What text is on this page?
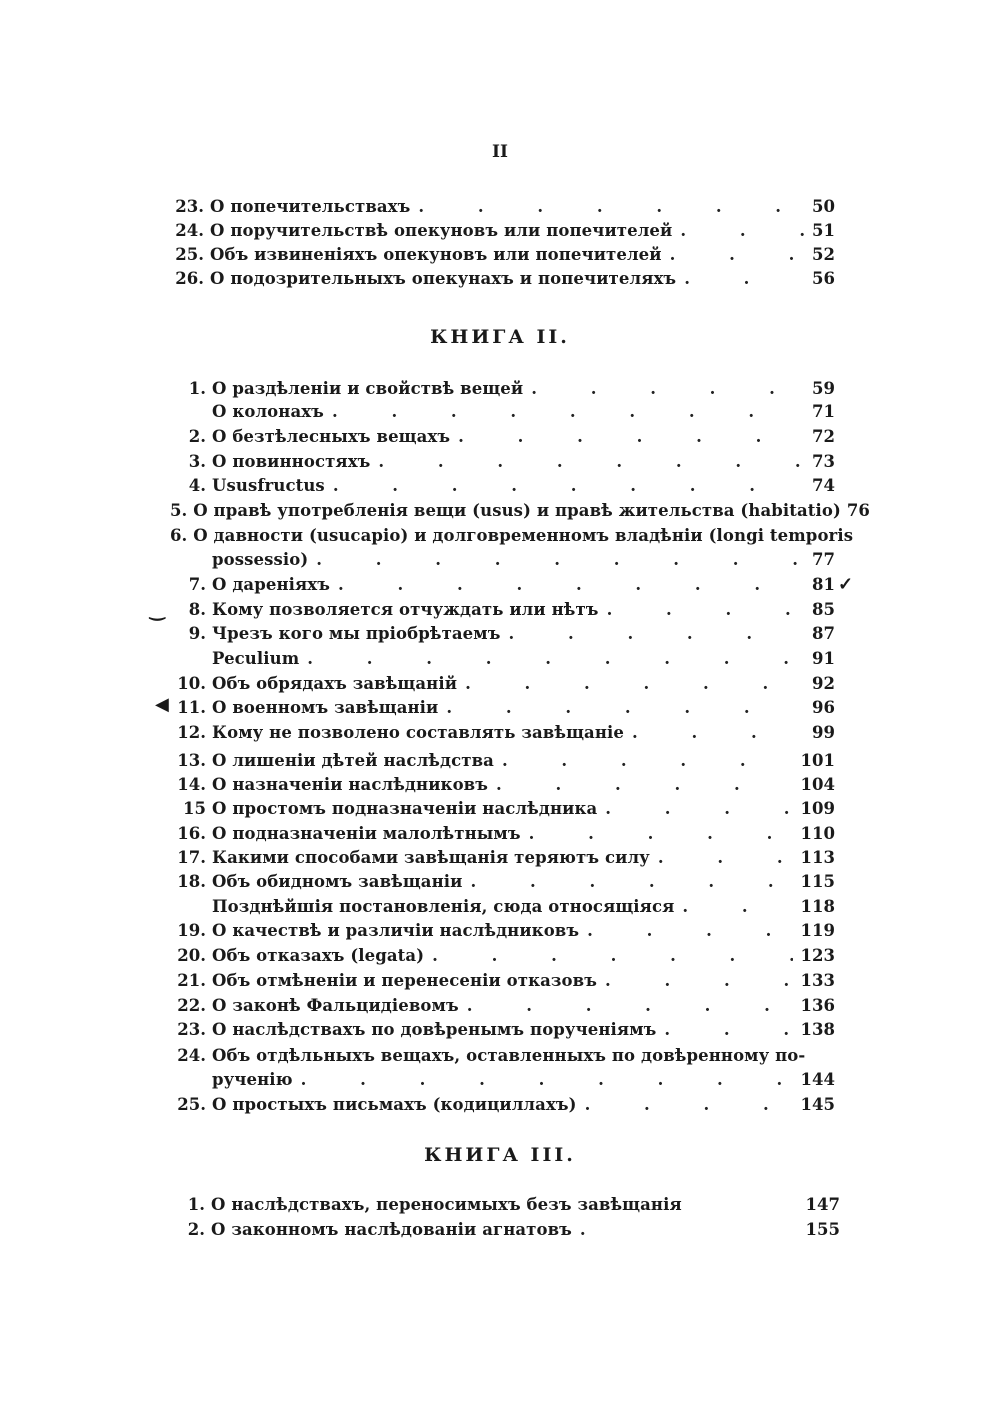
II
23. О попечительствахъ . . .	50
24. О поручительствѣ опекуновъ или попечителей . . .	51
25. Объ извиненіяхъ опекуновъ или попечителей . . .	52
26. О подозрительныхъ опекунахъ и попечителяхъ . . .	56
КНИГА II.
1. О раздѣленіи и свойствѣ вещей . . .	59
О колонахъ . . .	71
2. О безтѣлесныхъ вещахъ . . .	72
3. О повинностяхъ . . .	73
4. Ususfructus . . .	74
5. О правѣ употребленія вещи (usus) и правѣ жительства (habitatio) 76
6. О давности (usucapio) и долговременномъ владѣніи (longi temporis
possessio) . . .	77
7. О дареніяхъ . . .	81
8. Кому позволяется отчуждать или нѣтъ . . .	85
9. Чрезъ кого мы пріобрѣтаемъ . . .	87
Peculium . . .	91
10. Объ обрядахъ завѣщаній . . .	92
11. О военномъ завѣщаніи . . .	96
12. Кому не позволено составлять завѣщаніе . . .	99
13. О лишеніи дѣтей наслѣдства . . .	101
14. О назначеніи наслѣдниковъ . . .	104
15 О простомъ подназначеніи наслѣдника . . .	109
16. О подназначеніи малолѣтнымъ . . .	110
17. Какими способами завѣщанія теряютъ силу . . .	113
18. Объ обидномъ завѣщаніи . . .	115
Позднѣйшія постановленія, сюда относящіяся . . .	118
19. О качествѣ и различіи наслѣдниковъ . . .	119
20. Объ отказахъ (legata) . . .	123
21. Объ отмѣненіи и перенесеніи отказовъ . . .	133
22. О законѣ Фальцидіевомъ . . .	136
23. О наслѣдствахъ по довѣренымъ порученіямъ . . .	138
24. Объ отдѣльныхъ вещахъ, оставленныхъ по довѣренному по-
рученію . . .	144
25. О простыхъ письмахъ (кодициллахъ) . . .	145
КНИГА III.
1. О наслѣдствахъ, переносимыхъ безъ завѣщанія	147
2. О законномъ наслѣдованіи агнатовъ . . .	155
‿
◀
✓
